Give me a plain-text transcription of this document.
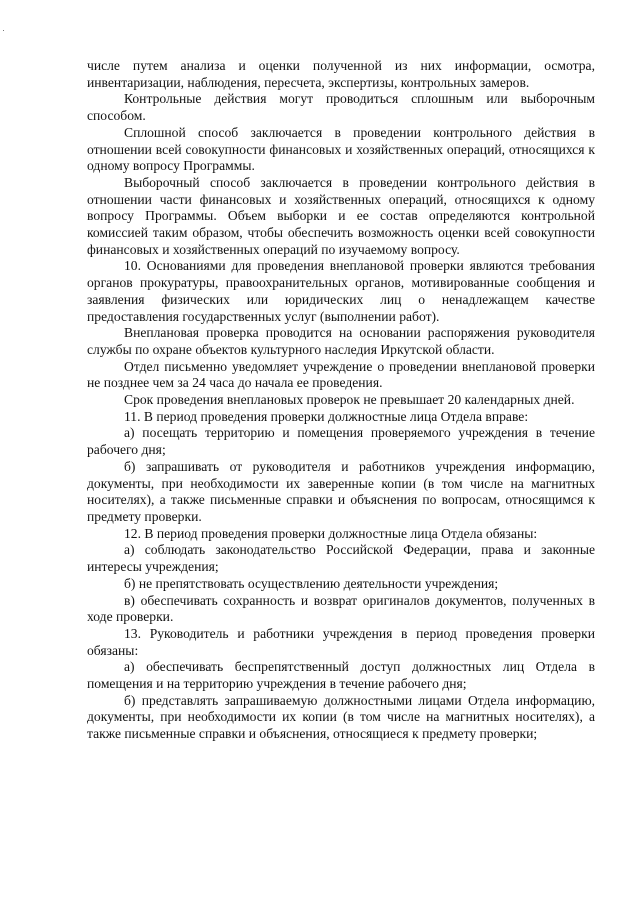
числе путем анализа и оценки полученной из них информации, осмотра, инвентаризации, наблюдения, пересчета, экспертизы, контрольных замеров.

Контрольные действия могут проводиться сплошным или выборочным способом.

Сплошной способ заключается в проведении контрольного действия в отношении всей совокупности финансовых и хозяйственных операций, относящихся к одному вопросу Программы.

Выборочный способ заключается в проведении контрольного действия в отношении части финансовых и хозяйственных операций, относящихся к одному вопросу Программы. Объем выборки и ее состав определяются контрольной комиссией таким образом, чтобы обеспечить возможность оценки всей совокупности финансовых и хозяйственных операций по изучаемому вопросу.

10. Основаниями для проведения внеплановой проверки являются требования органов прокуратуры, правоохранительных органов, мотивированные сообщения и заявления физических или юридических лиц о ненадлежащем качестве предоставления государственных услуг (выполнении работ).

Внеплановая проверка проводится на основании распоряжения руководителя службы по охране объектов культурного наследия Иркутской области.

Отдел письменно уведомляет учреждение о проведении внеплановой проверки не позднее чем за 24 часа до начала ее проведения.

Срок проведения внеплановых проверок не превышает 20 календарных дней.

11. В период проведения проверки должностные лица Отдела вправе:

а) посещать территорию и помещения проверяемого учреждения в течение рабочего дня;

б) запрашивать от руководителя и работников учреждения информацию, документы, при необходимости их заверенные копии (в том числе на магнитных носителях), а также письменные справки и объяснения по вопросам, относящимся к предмету проверки.

12. В период проведения проверки должностные лица Отдела обязаны:

а) соблюдать законодательство Российской Федерации, права и законные интересы учреждения;

б) не препятствовать осуществлению деятельности учреждения;

в) обеспечивать сохранность и возврат оригиналов документов, полученных в ходе проверки.

13. Руководитель и работники учреждения в период проведения проверки обязаны:

а) обеспечивать беспрепятственный доступ должностных лиц Отдела в помещения и на территорию учреждения в течение рабочего дня;

б) представлять запрашиваемую должностными лицами Отдела информацию, документы, при необходимости их копии (в том числе на магнитных носителях), а также письменные справки и объяснения, относящиеся к предмету проверки;
